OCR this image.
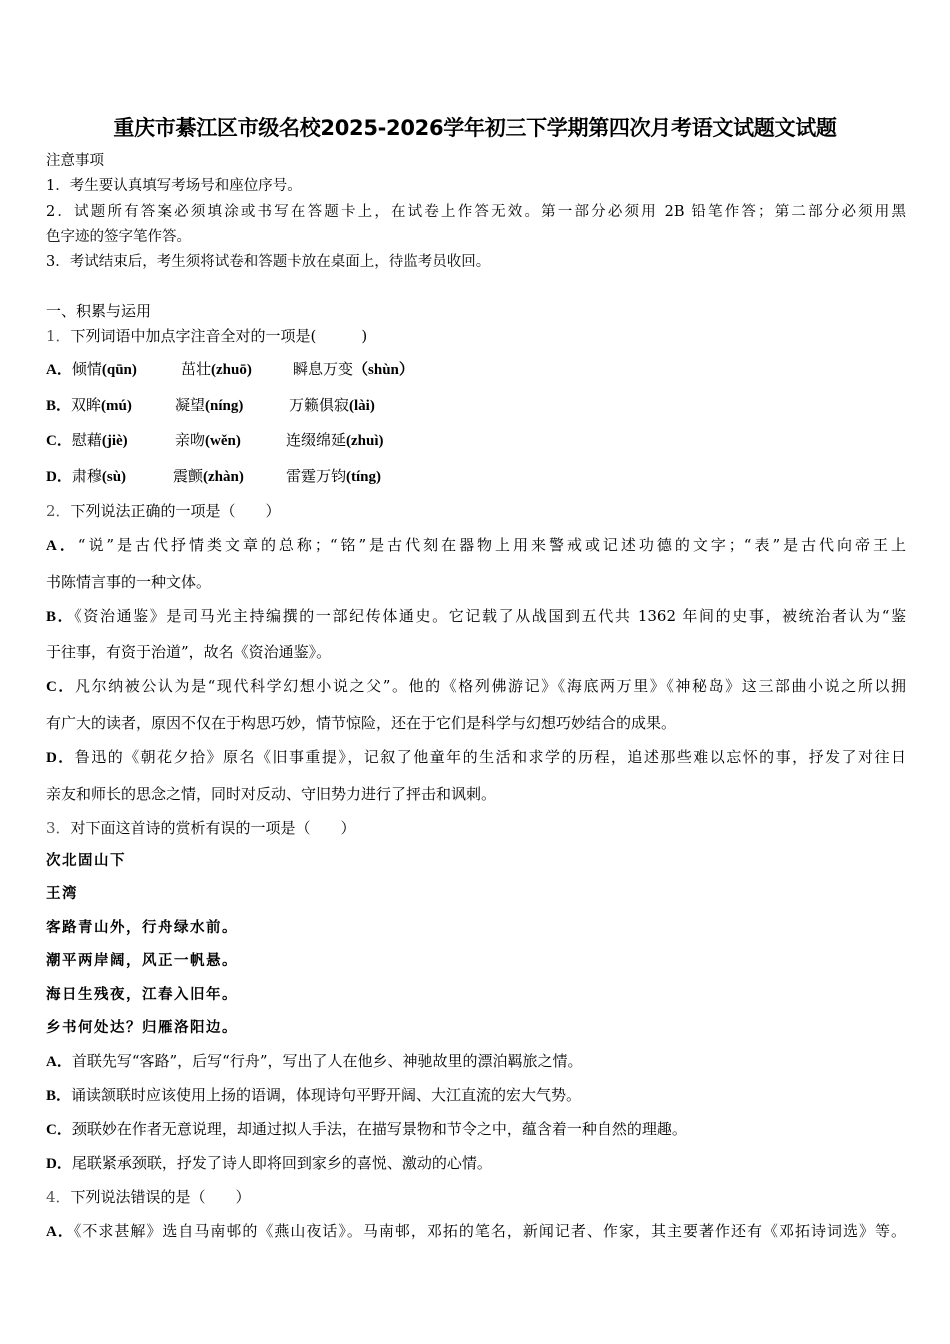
重庆市綦江区市级名校2025-2026学年初三下学期第四次月考语文试题文试题
注意事项
1．考生要认真填写考场号和座位序号。
2．试题所有答案必须填涂或书写在答题卡上，在试卷上作答无效。第一部分必须用 2B 铅笔作答；第二部分必须用黑
色字迹的签字笔作答。
3．考试结束后，考生须将试卷和答题卡放在桌面上，待监考员收回。
一、积累与运用
1．下列词语中加点字注音全对的一项是(　　　)
A．倾情(qūn)	茁壮(zhuō)	瞬息万变（shùn）
B．双眸(mú)	凝望(níng)	万籁俱寂(lài)
C．慰藉(jiè)	亲吻(wěn)	连缀绵延(zhuì)
D．肃穆(sù)	震颤(zhàn)	雷霆万钧(tíng)
2．下列说法正确的一项是（　　）
A．“说”是古代抒情类文章的总称；“铭”是古代刻在器物上用来警戒或记述功德的文字；“表”是古代向帝王上
书陈情言事的一种文体。
B．《资治通鉴》是司马光主持编撰的一部纪传体通史。它记载了从战国到五代共 1362 年间的史事，被统治者认为“鉴
于往事，有资于治道”，故名《资治通鉴》。
C．凡尔纳被公认为是“现代科学幻想小说之父”。他的《格列佛游记》《海底两万里》《神秘岛》这三部曲小说之所以拥
有广大的读者，原因不仅在于构思巧妙，情节惊险，还在于它们是科学与幻想巧妙结合的成果。
D．鲁迅的《朝花夕拾》原名《旧事重提》，记叙了他童年的生活和求学的历程，追述那些难以忘怀的事，抒发了对往日
亲友和师长的思念之情，同时对反动、守旧势力进行了抨击和讽刺。
3．对下面这首诗的赏析有误的一项是（　　）
次北固山下
王湾
客路青山外，行舟绿水前。
潮平两岸阔，风正一帆悬。
海日生残夜，江春入旧年。
乡书何处达？归雁洛阳边。
A．首联先写“客路”，后写“行舟”，写出了人在他乡、神驰故里的漂泊羁旅之情。
B．诵读颔联时应该使用上扬的语调，体现诗句平野开阔、大江直流的宏大气势。
C．颈联妙在作者无意说理，却通过拟人手法，在描写景物和节令之中，蕴含着一种自然的理趣。
D．尾联紧承颈联，抒发了诗人即将回到家乡的喜悦、激动的心情。
4．下列说法错误的是（　　）
A．《不求甚解》选自马南邨的《燕山夜话》。马南邨，邓拓的笔名，新闻记者、作家，其主要著作还有《邓拓诗词选》等。
